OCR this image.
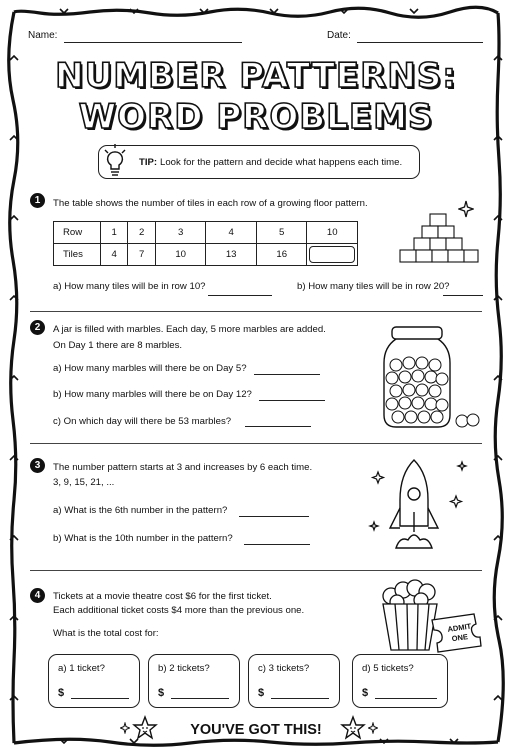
Name:	Date:
NUMBER PATTERNS:
WORD PROBLEMS
TIP: Look for the pattern and decide what happens each time.
1	The table shows the number of tiles in each row of a growing floor pattern.
Row	1	2	3	4	5	10
Tiles	4	7	10	13	16	
a) How many tiles will be in row 10?	b) How many tiles will be in row 20?
2	A jar is filled with marbles. Each day, 5 more marbles are added.
On Day 1 there are 8 marbles.
a) How many marbles will there be on Day 5?
b) How many marbles will there be on Day 12?
c) On which day will there be 53 marbles?
3	The number pattern starts at 3 and increases by 6 each time.
3, 9, 15, 21, ...
a) What is the 6th number in the pattern?
b) What is the 10th number in the pattern?
4	Tickets at a movie theatre cost $6 for the first ticket.
Each additional ticket costs $4 more than the previous one.
What is the total cost for:	ADMIT
ONE
a) 1 ticket?
$
b) 2 tickets?
$
c) 3 tickets?
$
d) 5 tickets?
$
YOU'VE GOT THIS!
